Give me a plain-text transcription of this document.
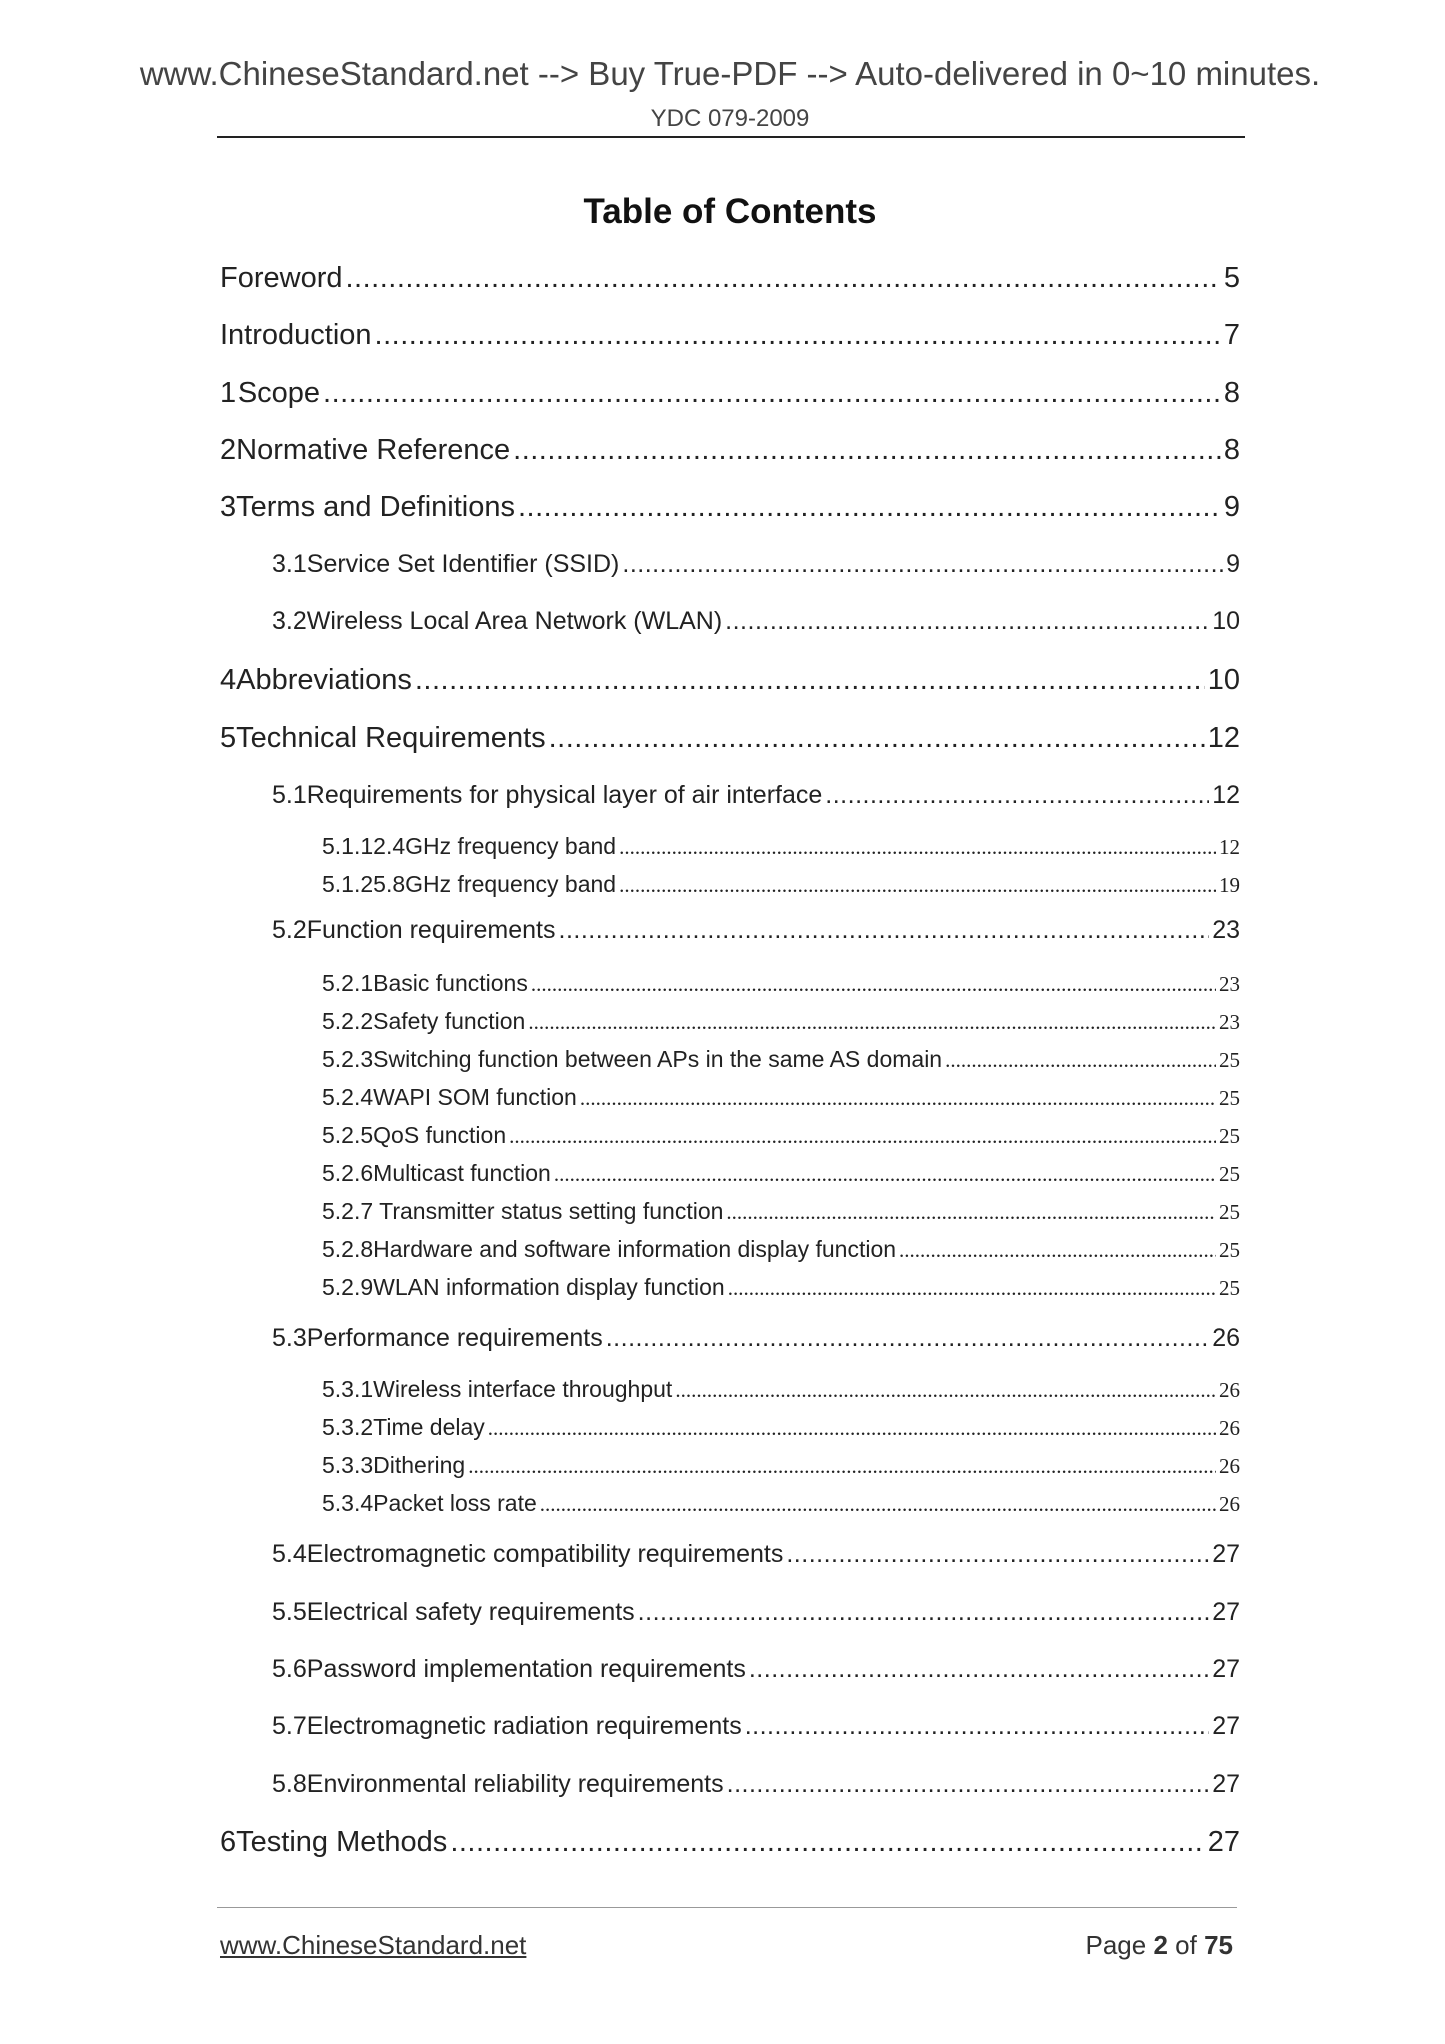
www.ChineseStandard.net --> Buy True-PDF --> Auto-delivered in 0~10 minutes.
YDC 079-2009
Table of Contents
Foreword .....	5
Introduction .....	7
1 Scope .....	8
2 Normative Reference .....	8
3 Terms and Definitions .....	9
3.1 Service Set Identifier (SSID) .....	9
3.2 Wireless Local Area Network (WLAN) .....	10
4 Abbreviations .....	10
5 Technical Requirements .....	12
5.1 Requirements for physical layer of air interface .....	12
5.1.1 2.4GHz frequency band .....	12
5.1.2 5.8GHz frequency band .....	19
5.2 Function requirements .....	23
5.2.1 Basic functions .....	23
5.2.2 Safety function .....	23
5.2.3 Switching function between APs in the same AS domain .....	25
5.2.4 WAPI SOM function .....	25
5.2.5 QoS function .....	25
5.2.6 Multicast function .....	25
5.2.7 Transmitter status setting function .....	25
5.2.8 Hardware and software information display function .....	25
5.2.9 WLAN information display function .....	25
5.3 Performance requirements .....	26
5.3.1 Wireless interface throughput .....	26
5.3.2 Time delay .....	26
5.3.3 Dithering .....	26
5.3.4 Packet loss rate .....	26
5.4 Electromagnetic compatibility requirements .....	27
5.5 Electrical safety requirements .....	27
5.6 Password implementation requirements .....	27
5.7 Electromagnetic radiation requirements .....	27
5.8 Environmental reliability requirements .....	27
6 Testing Methods .....	27
www.ChineseStandard.net	Page 2 of 75
